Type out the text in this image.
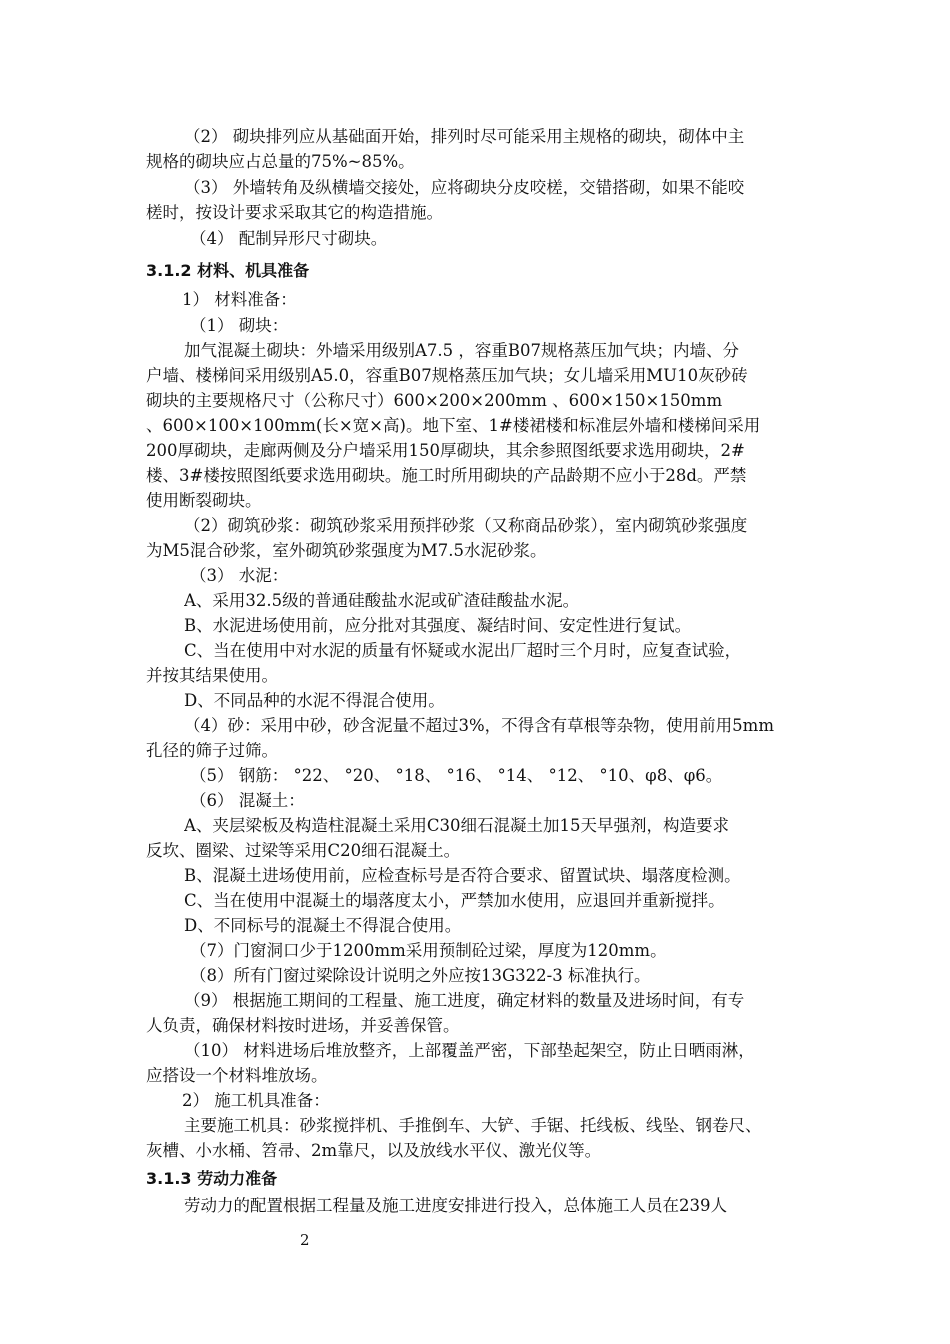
（2） 砌块排列应从基础面开始，排列时尽可能采用主规格的砌块，砌体中主
规格的砌块应占总量的75%~85%。
（3） 外墙转角及纵横墙交接处，应将砌块分皮咬槎，交错搭砌，如果不能咬
槎时，按设计要求采取其它的构造措施。
（4） 配制异形尺寸砌块。
3.1.2 材料、机具准备
1） 材料准备：
（1） 砌块：
加气混凝土砌块：外墙采用级别A7.5 ，容重B07规格蒸压加气块；内墙、分
户墙、楼梯间采用级别A5.0，容重B07规格蒸压加气块；女儿墙采用MU10灰砂砖
砌块的主要规格尺寸（公称尺寸）600×200×200mm 、600×150×150mm
、600×100×100mm(长×宽×高)。地下室、1#楼裙楼和标准层外墙和楼梯间采用
200厚砌块，走廊两侧及分户墙采用150厚砌块，其余参照图纸要求选用砌块，2#
楼、3#楼按照图纸要求选用砌块。施工时所用砌块的产品龄期不应小于28d。严禁
使用断裂砌块。
（2）砌筑砂浆：砌筑砂浆采用预拌砂浆（又称商品砂浆），室内砌筑砂浆强度
为M5混合砂浆，室外砌筑砂浆强度为M7.5水泥砂浆。
（3） 水泥：
A、采用32.5级的普通硅酸盐水泥或矿渣硅酸盐水泥。
B、水泥进场使用前，应分批对其强度、凝结时间、安定性进行复试。
C、当在使用中对水泥的质量有怀疑或水泥出厂超时三个月时，应复查试验，
并按其结果使用。
D、不同品种的水泥不得混合使用。
（4）砂：采用中砂，砂含泥量不超过3%，不得含有草根等杂物，使用前用5mm
孔径的筛子过筛。
（5） 钢筋： °22、 °20、 °18、 °16、 °14、 °12、 °10、φ8、φ6。
（6） 混凝土：
A、夹层梁板及构造柱混凝土采用C30细石混凝土加15天早强剂，构造要求
反坎、圈梁、过梁等采用C20细石混凝土。
B、混凝土进场使用前，应检查标号是否符合要求、留置试块、塌落度检测。
C、当在使用中混凝土的塌落度太小，严禁加水使用，应退回并重新搅拌。
D、不同标号的混凝土不得混合使用。
（7）门窗洞口少于1200mm采用预制砼过梁，厚度为120mm。
（8）所有门窗过梁除设计说明之外应按13G322-3 标准执行。
（9） 根据施工期间的工程量、施工进度，确定材料的数量及进场时间，有专
人负责，确保材料按时进场，并妥善保管。
（10） 材料进场后堆放整齐，上部覆盖严密，下部垫起架空，防止日晒雨淋，
应搭设一个材料堆放场。
2） 施工机具准备：
主要施工机具：砂浆搅拌机、手推倒车、大铲、手锯、托线板、线坠、钢卷尺、
灰槽、小水桶、笤帚、2m靠尺，以及放线水平仪、激光仪等。
3.1.3 劳动力准备
劳动力的配置根据工程量及施工进度安排进行投入，总体施工人员在239人
2
